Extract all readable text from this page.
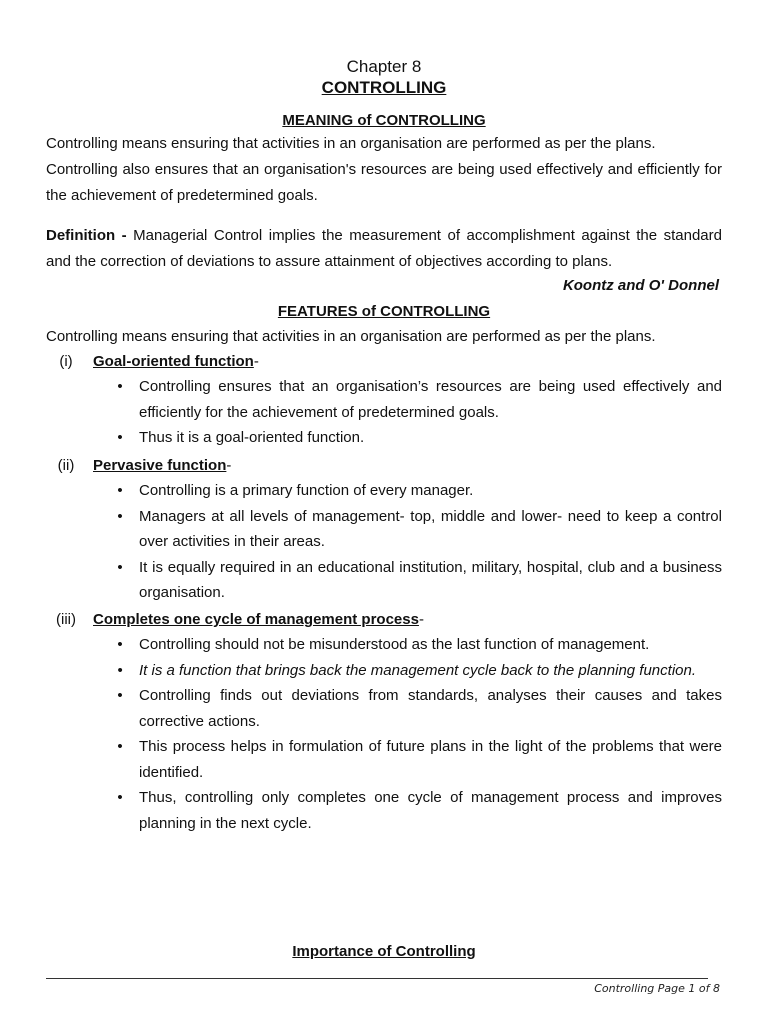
Chapter 8
CONTROLLING
MEANING of CONTROLLING
Controlling means ensuring that activities in an organisation are performed as per the plans.
Controlling also ensures that an organisation's resources are being used effectively and efficiently for the achievement of predetermined goals.
Definition - Managerial Control implies the measurement of accomplishment against the standard and the correction of deviations to assure attainment of objectives according to plans.
Koontz and O' Donnel
FEATURES of CONTROLLING
Controlling means ensuring that activities in an organisation are performed as per the plans.
(i)	Goal-oriented function-
• Controlling ensures that an organisation’s resources are being used effectively and efficiently for the achievement of predetermined goals.
• Thus it is a goal-oriented function.
(ii)	Pervasive function-
• Controlling is a primary function of every manager.
• Managers at all levels of management- top, middle and lower- need to keep a control over activities in their areas.
• It is equally required in an educational institution, military, hospital, club and a business organisation.
(iii)	Completes one cycle of management process-
• Controlling should not be misunderstood as the last function of management.
• It is a function that brings back the management cycle back to the planning function.
• Controlling finds out deviations from standards, analyses their causes and takes corrective actions.
• This process helps in formulation of future plans in the light of the problems that were identified.
• Thus, controlling only completes one cycle of management process and improves planning in the next cycle.
Importance of Controlling
Controlling Page 1 of 8
